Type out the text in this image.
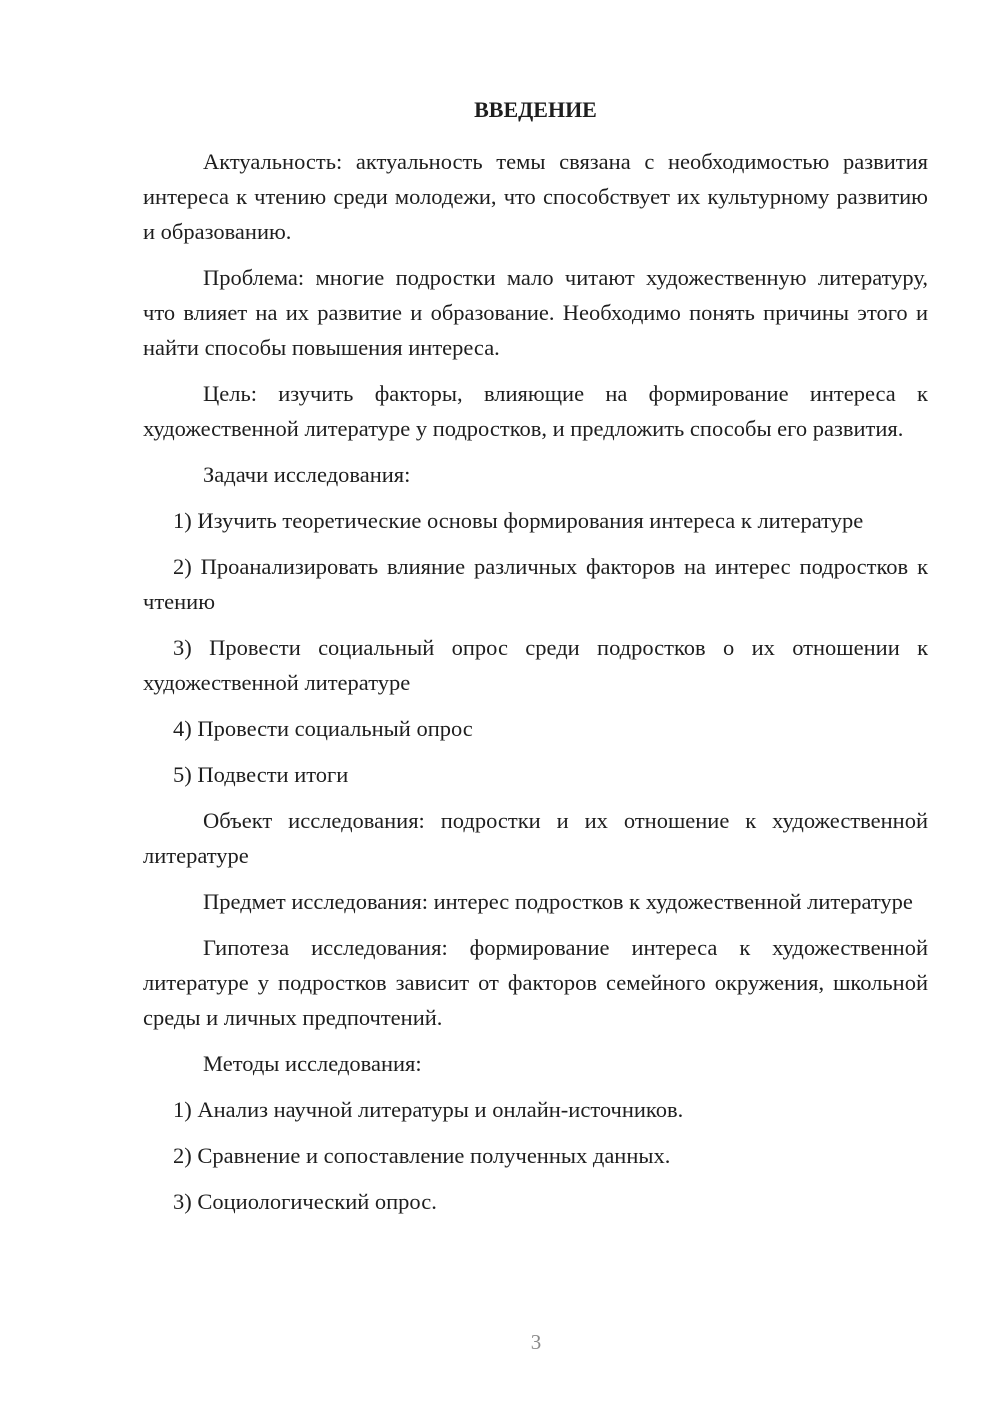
ВВЕДЕНИЕ

Актуальность: актуальность темы связана с необходимостью развития интереса к чтению среди молодежи, что способствует их культурному развитию и образованию.

Проблема: многие подростки мало читают художественную литературу, что влияет на их развитие и образование. Необходимо понять причины этого и найти способы повышения интереса.

Цель: изучить факторы, влияющие на формирование интереса к художественной литературе у подростков, и предложить способы его развития.

Задачи исследования:

1) Изучить теоретические основы формирования интереса к литературе

2) Проанализировать влияние различных факторов на интерес подростков к чтению

3) Провести социальный опрос среди подростков о их отношении к художественной литературе

4) Провести социальный опрос

5) Подвести итоги

Объект исследования: подростки и их отношение к художественной литературе

Предмет исследования: интерес подростков к художественной литературе

Гипотеза исследования: формирование интереса к художественной литературе у подростков зависит от факторов семейного окружения, школьной среды и личных предпочтений.

Методы исследования:

1) Анализ научной литературы и онлайн-источников.

2) Сравнение и сопоставление полученных данных.

3) Социологический опрос.

3
